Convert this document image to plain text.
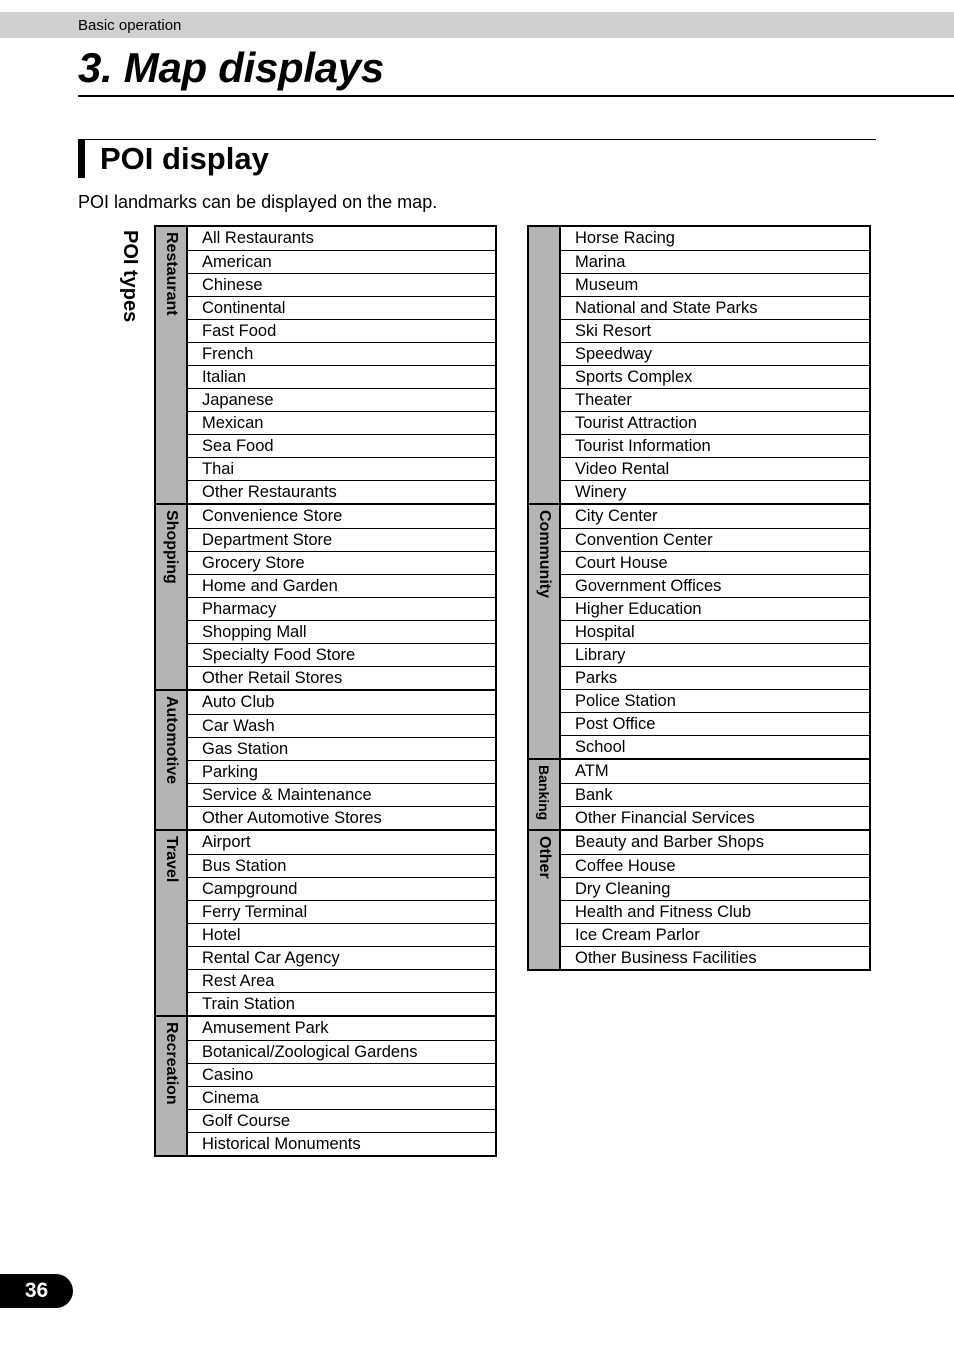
Basic operation
3. Map displays
POI display
POI landmarks can be displayed on the map.
POI types Restaurant	All Restaurants
American
Chinese
Continental
Fast Food
French
Italian
Japanese
Mexican
Sea Food
Thai
Other Restaurants
Shopping	Convenience Store
Department Store
Grocery Store
Home and Garden
Pharmacy
Shopping Mall
Specialty Food Store
Other Retail Stores
Automotive	Auto Club
Car Wash
Gas Station
Parking
Service & Maintenance
Other Automotive Stores
Travel	Airport
Bus Station
Campground
Ferry Terminal
Hotel
Rental Car Agency
Rest Area
Train Station
Recreation	Amusement Park
Botanical/Zoological Gardens
Casino
Cinema
Golf Course
Historical Monuments
Horse Racing
Marina
Museum
National and State Parks
Ski Resort
Speedway
Sports Complex
Theater
Tourist Attraction
Tourist Information
Video Rental
Winery
Community	City Center
Convention Center
Court House
Government Offices
Higher Education
Hospital
Library
Parks
Police Station
Post Office
School
Banking	ATM
Bank
Other Financial Services
Other	Beauty and Barber Shops
Coffee House
Dry Cleaning
Health and Fitness Club
Ice Cream Parlor
Other Business Facilities
36
